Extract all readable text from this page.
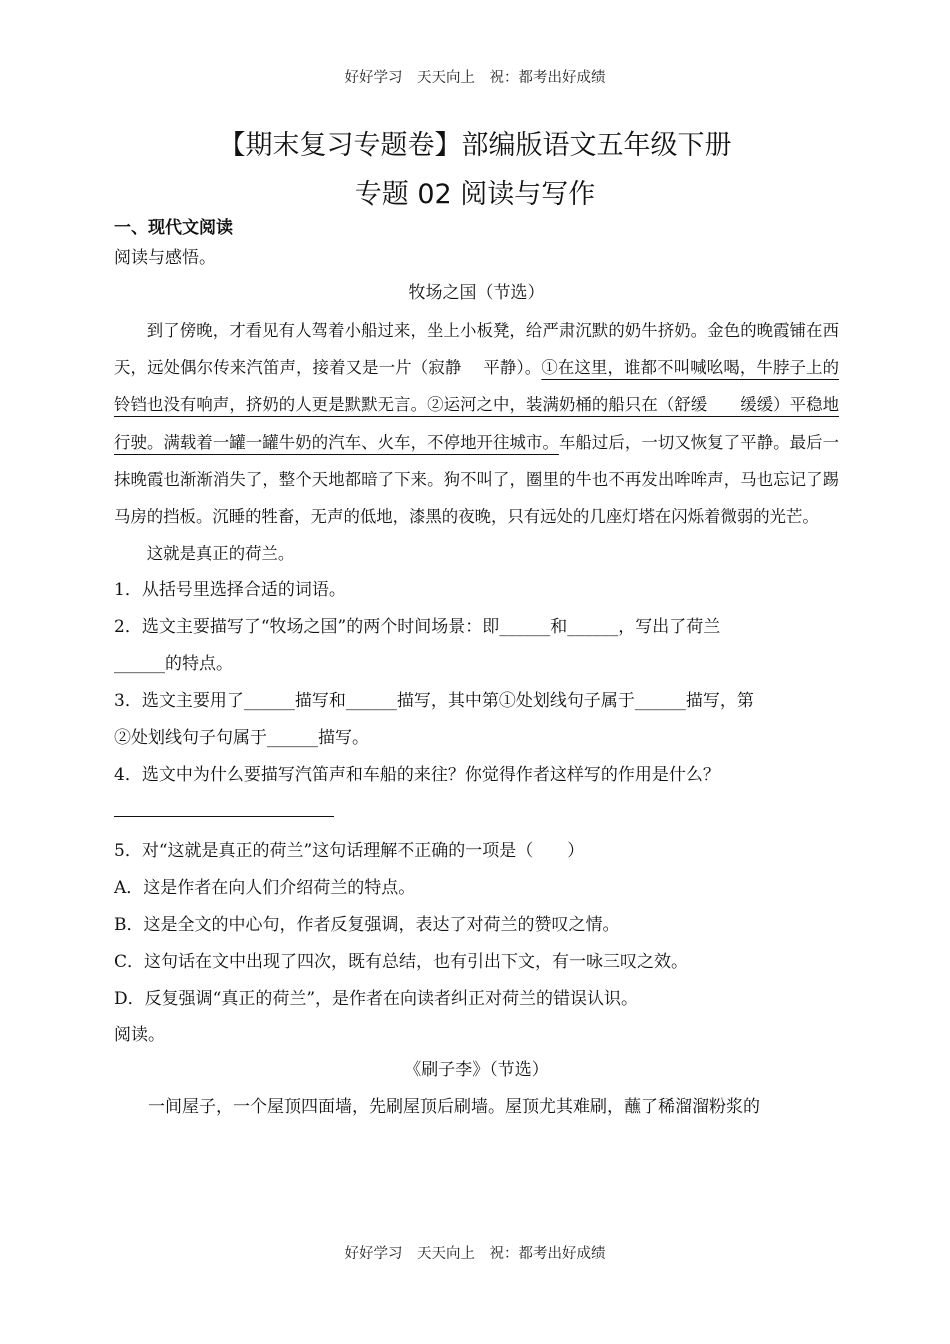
好好学习　天天向上　祝：都考出好成绩
【期末复习专题卷】部编版语文五年级下册
专题 02 阅读与写作
一、现代文阅读
阅读与感悟。
牧场之国（节选）

到了傍晚，才看见有人驾着小船过来，坐上小板凳，给严肃沉默的奶牛挤奶。金色的晚霞铺在西天，远处偶尔传来汽笛声，接着又是一片（寂静　 平静）。①在这里，谁都不叫喊吆喝，牛脖子上的铃铛也没有响声，挤奶的人更是默默无言。②运河之中，装满奶桶的船只在（舒缓　　缓缓）平稳地行驶。满载着一罐一罐牛奶的汽车、火车，不停地开往城市。车船过后，一切又恢复了平静。最后一抹晚霞也渐渐消失了，整个天地都暗了下来。狗不叫了，圈里的牛也不再发出哞哞声，马也忘记了踢马房的挡板。沉睡的牲畜，无声的低地，漆黑的夜晚，只有远处的几座灯塔在闪烁着微弱的光芒。

这就是真正的荷兰。

1．从括号里选择合适的词语。
2．选文主要描写了“牧场之国”的两个时间场景：即______和______，写出了荷兰
______的特点。
3．选文主要用了______描写和______描写，其中第①处划线句子属于______描写，第
②处划线句子句属于______描写。
4．选文中为什么要描写汽笛声和车船的来往？你觉得作者这样写的作用是什么？
5．对“这就是真正的荷兰”这句话理解不正确的一项是（　　）
A．这是作者在向人们介绍荷兰的特点。
B．这是全文的中心句，作者反复强调，表达了对荷兰的赞叹之情。
C．这句话在文中出现了四次，既有总结，也有引出下文，有一咏三叹之效。
D．反复强调“真正的荷兰”，是作者在向读者纠正对荷兰的错误认识。
阅读。
《刷子李》（节选）
一间屋子，一个屋顶四面墙，先刷屋顶后刷墙。屋顶尤其难刷，蘸了稀溜溜粉浆的
好好学习　天天向上　祝：都考出好成绩
